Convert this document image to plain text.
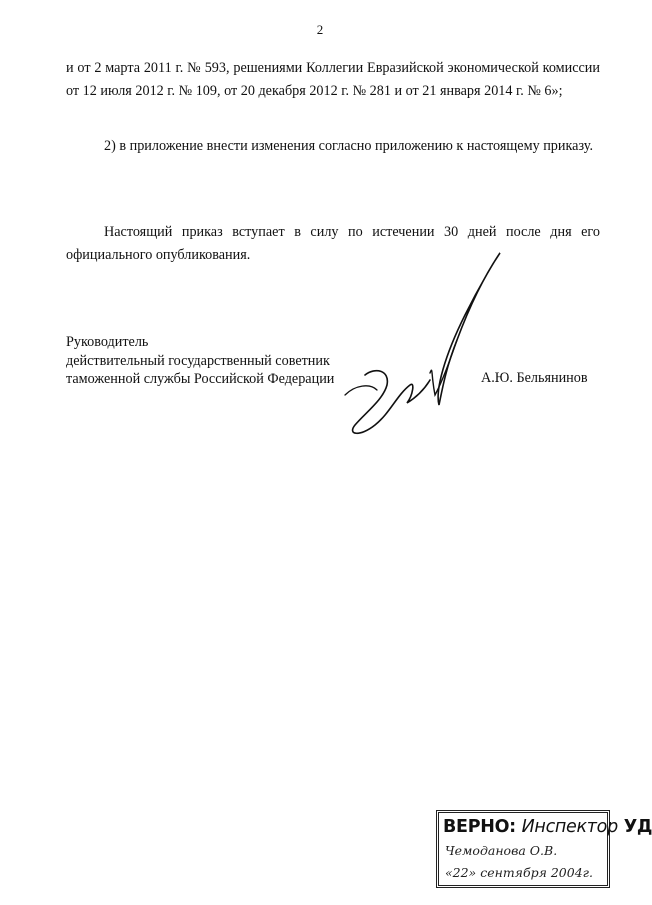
2

и от 2 марта 2011 г. № 593, решениями Коллегии Евразийской экономической комиссии от 12 июля 2012 г. № 109, от 20 декабря 2012 г. № 281 и от 21 января 2014 г. № 6»;

2) в приложение внести изменения согласно приложению к настоящему приказу.

Настоящий приказ вступает в силу по истечении 30 дней после дня его официального опубликования.

Руководитель
действительный государственный советник
таможенной службы Российской Федерации	А.Ю. Бельянинов
ВЕРНО: Инспектор УД
Чемоданова О.В.
«22» сентября 2004г.
